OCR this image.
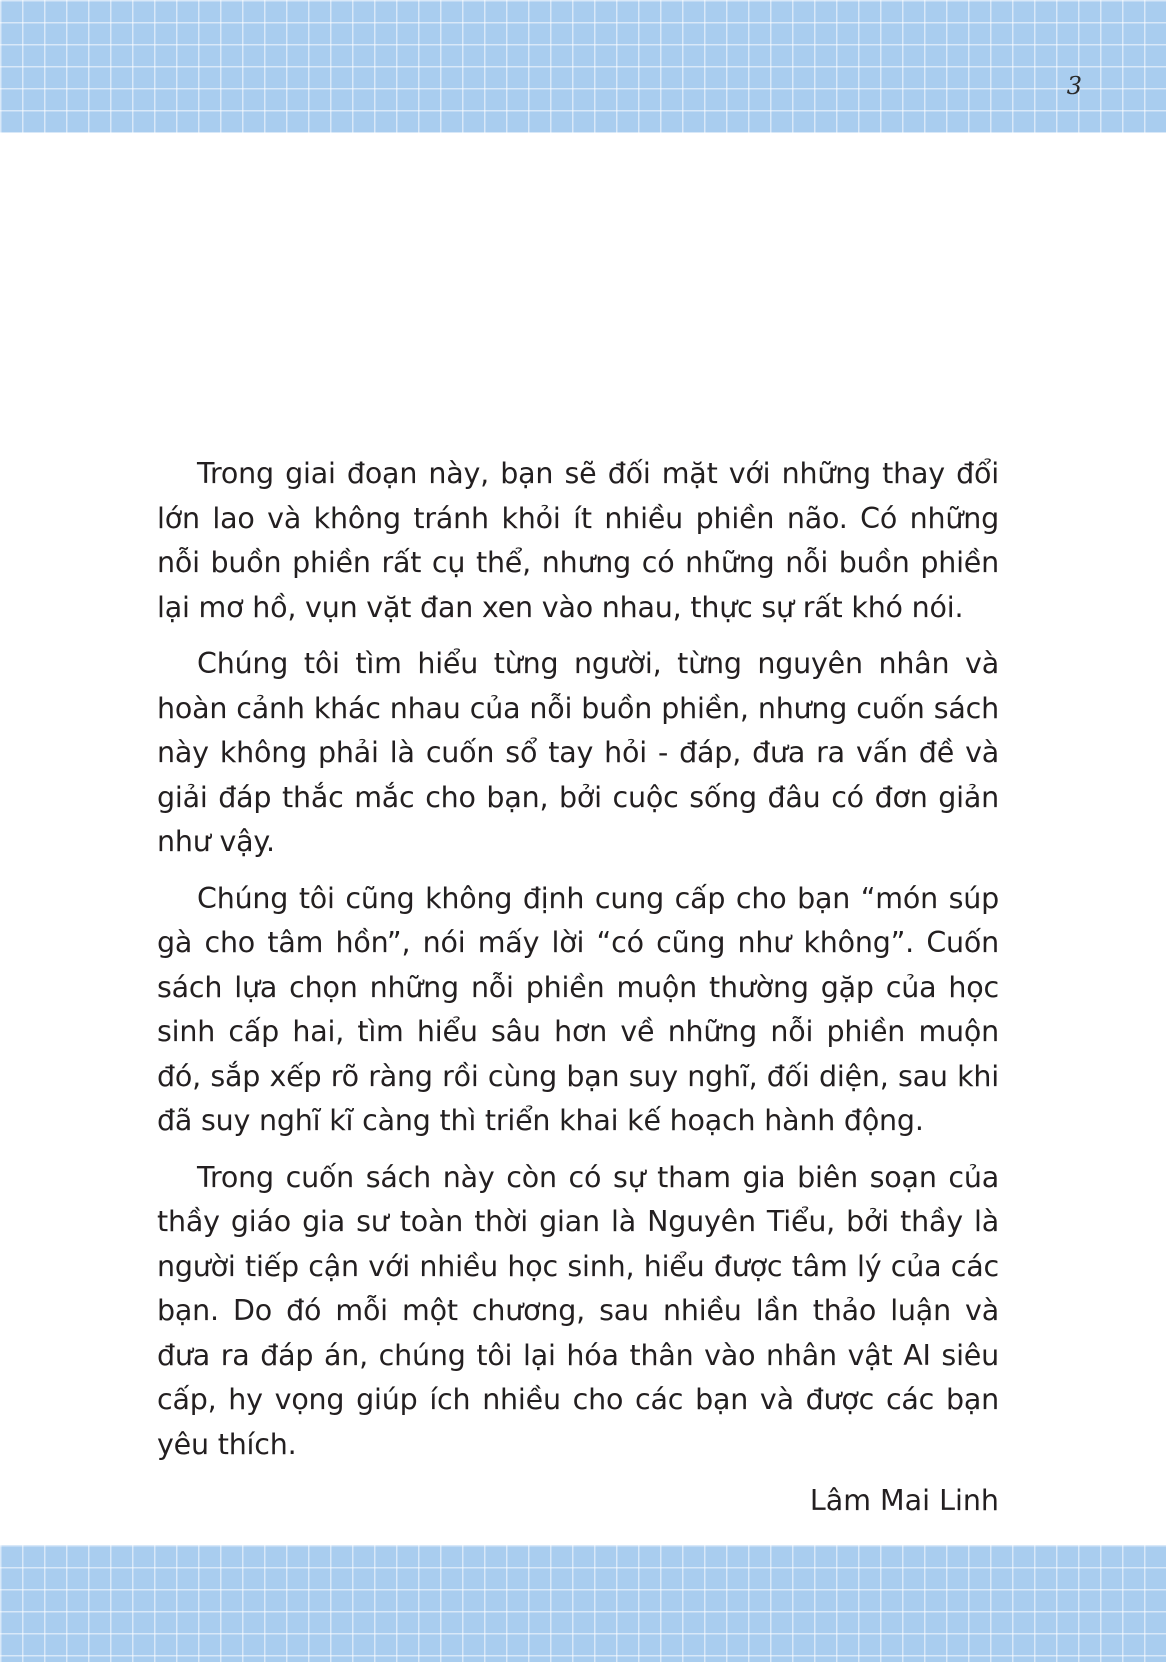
3

Trong giai đoạn này, bạn sẽ đối mặt với những thay đổi lớn lao và không tránh khỏi ít nhiều phiền não. Có những nỗi buồn phiền rất cụ thể, nhưng có những nỗi buồn phiền lại mơ hồ, vụn vặt đan xen vào nhau, thực sự rất khó nói.

Chúng tôi tìm hiểu từng người, từng nguyên nhân và hoàn cảnh khác nhau của nỗi buồn phiền, nhưng cuốn sách này không phải là cuốn sổ tay hỏi - đáp, đưa ra vấn đề và giải đáp thắc mắc cho bạn, bởi cuộc sống đâu có đơn giản như vậy.

Chúng tôi cũng không định cung cấp cho bạn “món súp gà cho tâm hồn”, nói mấy lời “có cũng như không”. Cuốn sách lựa chọn những nỗi phiền muộn thường gặp của học sinh cấp hai, tìm hiểu sâu hơn về những nỗi phiền muộn đó, sắp xếp rõ ràng rồi cùng bạn suy nghĩ, đối diện, sau khi đã suy nghĩ kĩ càng thì triển khai kế hoạch hành động.

Trong cuốn sách này còn có sự tham gia biên soạn của thầy giáo gia sư toàn thời gian là Nguyên Tiểu, bởi thầy là người tiếp cận với nhiều học sinh, hiểu được tâm lý của các bạn. Do đó mỗi một chương, sau nhiều lần thảo luận và đưa ra đáp án, chúng tôi lại hóa thân vào nhân vật AI siêu cấp, hy vọng giúp ích nhiều cho các bạn và được các bạn yêu thích.

Lâm Mai Linh
